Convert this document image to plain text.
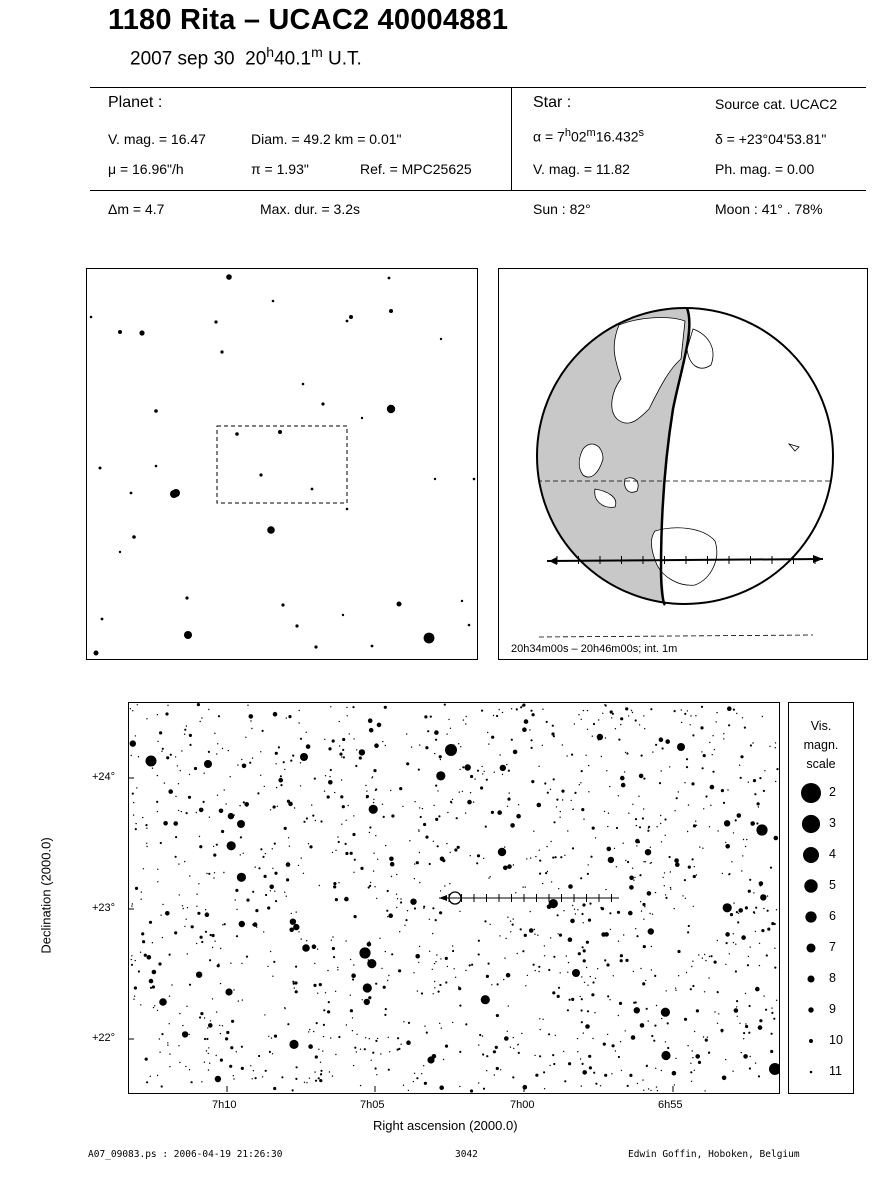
1180 Rita – UCAC2 40004881
2007 sep 30 20$^h$40.1$^m$ U.T.
Planet :
V. mag. = 16.47	Diam. = 49.2 km = 0.01"
μ = 16.96"/h	π = 1.93"	Ref. = MPC25625
Star :	Source cat. UCAC2
$\alpha = 7^h02^m16.432^s$	δ = +23°04'53.81"
V. mag. = 11.82	Ph. mag. = 0.00
Δm = 4.7	Max. dur. = 3.2s	Sun : 82°	Moon : 41° . 78%
20h34m00s – 20h46m00s; int. 1m
7h10	7h05	7h00	6h55
+24°
+23°
+22°
Right ascension (2000.0)
Declination (2000.0)
Vis.
magn.
scale
2
3
4
5
6
7
8
9
10
11
A07_09083.ps : 2006-04-19 21:26:30	3042	Edwin Goffin, Hoboken, Belgium
